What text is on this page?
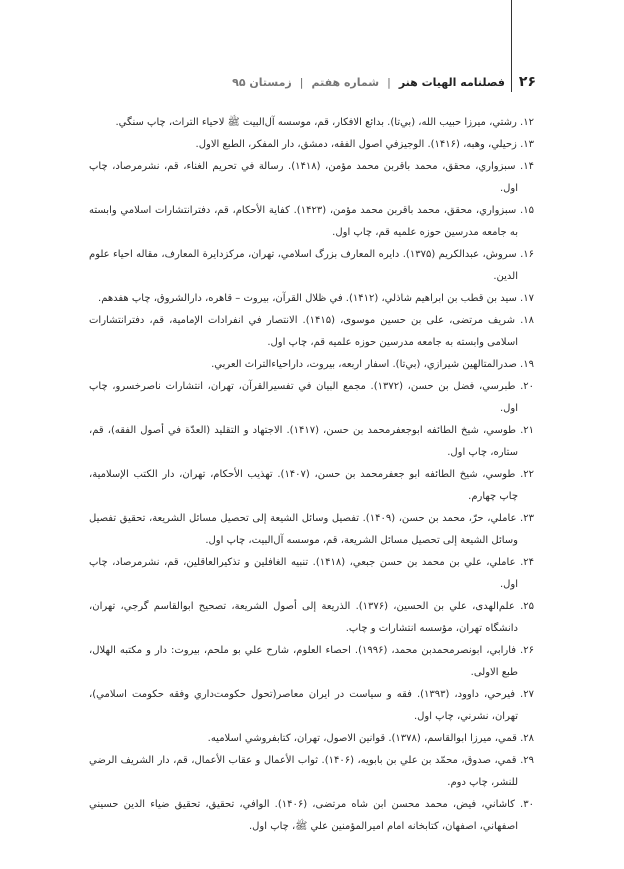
۲۶
فصلنامه الهیات هنر
|
شماره هفتم
|
زمستان ۹۵

۱۲. رشتي، ميرزا حبيب الله، (بي‌تا). بدائع الافكار، قم، موسسه آل‌البيت ﷺ لاحياء التراث، چاپ سنگي.

۱۳. زحيلي، وهبه، (۱۴۱۶). الوجيزفي اصول الفقه، دمشق، دار المفكر، الطبع الاول.

۱۴. سبزواري، محقق، محمد باقربن محمد مؤمن، (۱۴۱۸). رسالة في تحريم الغناء، قم، نشرمرصاد، چاپ اول.

۱۵. سبزواري، محقق، محمد باقربن محمد مؤمن، (۱۴۲۳). كفاية الأحكام، قم، دفترانتشارات اسلامي وابسته به جامعه مدرسين حوزه علميه قم، چاپ اول.

۱۶. سروش، عبدالكريم (۱۳۷۵). دايره المعارف بزرگ اسلامي، تهران، مركزدايرة المعارف، مقاله احياء علوم الدين.

۱۷. سيد بن قطب بن ابراهيم شاذلي، (۱۴۱۲). في ظلال القرآن، بيروت – قاهره، دارالشروق، چاپ هفدهم.

۱۸. شريف مرتضى، على بن حسين موسوى، (۱۴۱۵). الانتصار في انفرادات الإمامية، قم، دفترانتشارات اسلامى وابسته به جامعه مدرسين حوزه علميه قم، چاپ اول.

۱۹. صدرالمتالهين شيرازي، (بي‌تا). اسفار اربعه، بيروت، داراحياءالتراث العربي.

۲۰. طبرسي، فضل بن حسن، (۱۳۷۲). مجمع البيان في تفسيرالقرآن، تهران، انتشارات ناصرخسرو، چاپ اول.

۲۱. طوسي، شيخ الطائفه ابوجعفرمحمد بن حسن، (۱۴۱۷). الاجتهاد و التقليد (العدّة في أصول الفقه)، قم، ستاره، چاپ اول.

۲۲. طوسي، شيخ الطائفه ابو جعفرمحمد بن حسن، (۱۴۰۷). تهذيب الأحكام، تهران، دار الكتب الإسلامية، چاپ چهارم.

۲۳. عاملي، حرّ، محمد بن حسن، (۱۴۰۹). تفصيل وسائل الشيعة إلى تحصيل مسائل الشريعة، تحقيق تفصيل وسائل الشيعة إلى تحصيل مسائل الشريعة، قم، موسسه آل‌البيت، چاپ اول.

۲۴. عاملي، علي بن محمد بن حسن جبعي، (۱۴۱۸). تنبيه الغافلين و تذكيرالعاقلين، قم، نشرمرصاد، چاپ اول.

۲۵. علم‌الهدى، علي بن الحسين، (۱۳۷۶). الذريعة إلى أصول الشريعة، تصحيح ابوالقاسم گرجي، تهران، دانشگاه تهران، مؤسسه انتشارات و چاپ.

۲۶. فارابي، ابونصرمحمدبن محمد، (۱۹۹۶). احصاء العلوم، شارح علي بو ملحم، بيروت: دار و مكتبه الهلال، طبع الاولى.

۲۷. فيرحي، داوود، (۱۳۹۳). فقه و سياست در ايران معاصر(تحول حكومت‌داري وفقه حكومت اسلامي)، تهران، نشرني، چاپ اول.

۲۸. قمي، ميرزا ابوالقاسم، (۱۳۷۸). قوانين الاصول، تهران، كتابفروشي اسلاميه.

۲۹. قمي، صدوق، محمّد بن علي بن بابويه، (۱۴۰۶). ثواب الأعمال و عقاب الأعمال، قم، دار الشريف الرضي للنشر، چاپ دوم.

۳۰. كاشاني، فيض، محمد محسن ابن شاه مرتضى، (۱۴۰۶). الوافي، تحقيق، تحقيق ضياء الدين حسيني اصفهاني، اصفهان، كتابخانه امام اميرالمؤمنين علي ﷺ، چاپ اول.
